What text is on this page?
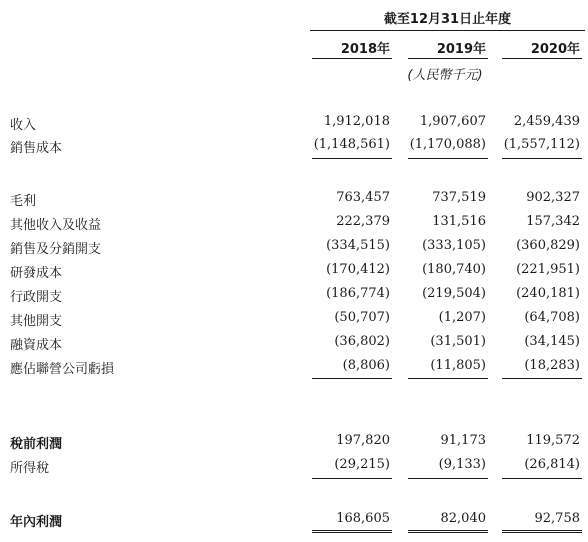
截至12月31日止年度
2018年	2019年	2020年
(人民幣千元)
收入	1,912,018	1,907,607	2,459,439
銷售成本	(1,148,561)	(1,170,088)	(1,557,112)
毛利	763,457	737,519	902,327
其他收入及收益	222,379	131,516	157,342
銷售及分銷開支	(334,515)	(333,105)	(360,829)
研發成本	(170,412)	(180,740)	(221,951)
行政開支	(186,774)	(219,504)	(240,181)
其他開支	(50,707)	(1,207)	(64,708)
融資成本	(36,802)	(31,501)	(34,145)
應佔聯營公司虧損	(8,806)	(11,805)	(18,283)
稅前利潤	197,820	91,173	119,572
所得稅	(29,215)	(9,133)	(26,814)
年內利潤	168,605	82,040	92,758
